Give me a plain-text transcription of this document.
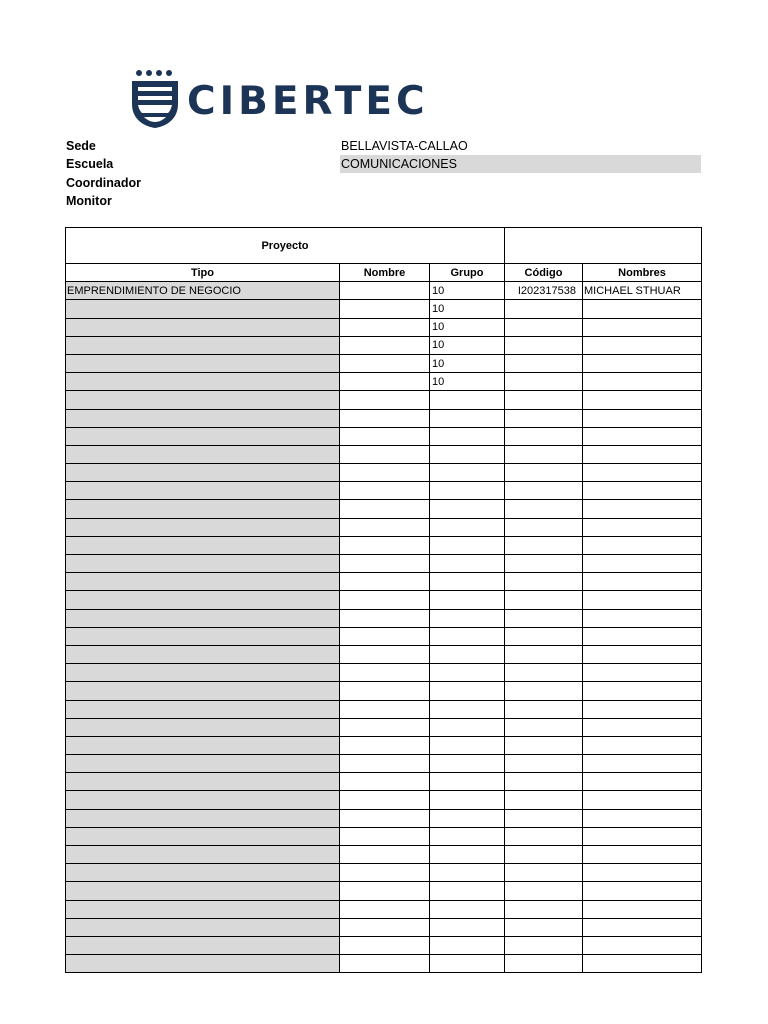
CIBERTEC
Sede	BELLAVISTA-CALLAO
Escuela	COMUNICACIONES
Coordinador

Monitor

Proyecto				
Tipo	Nombre	Grupo	Código	Nombres
EMPRENDIMIENTO DE NEGOCIO		10	I202317538	MICHAEL STHUAR
		10		
		10		
		10		
		10		
		10		
